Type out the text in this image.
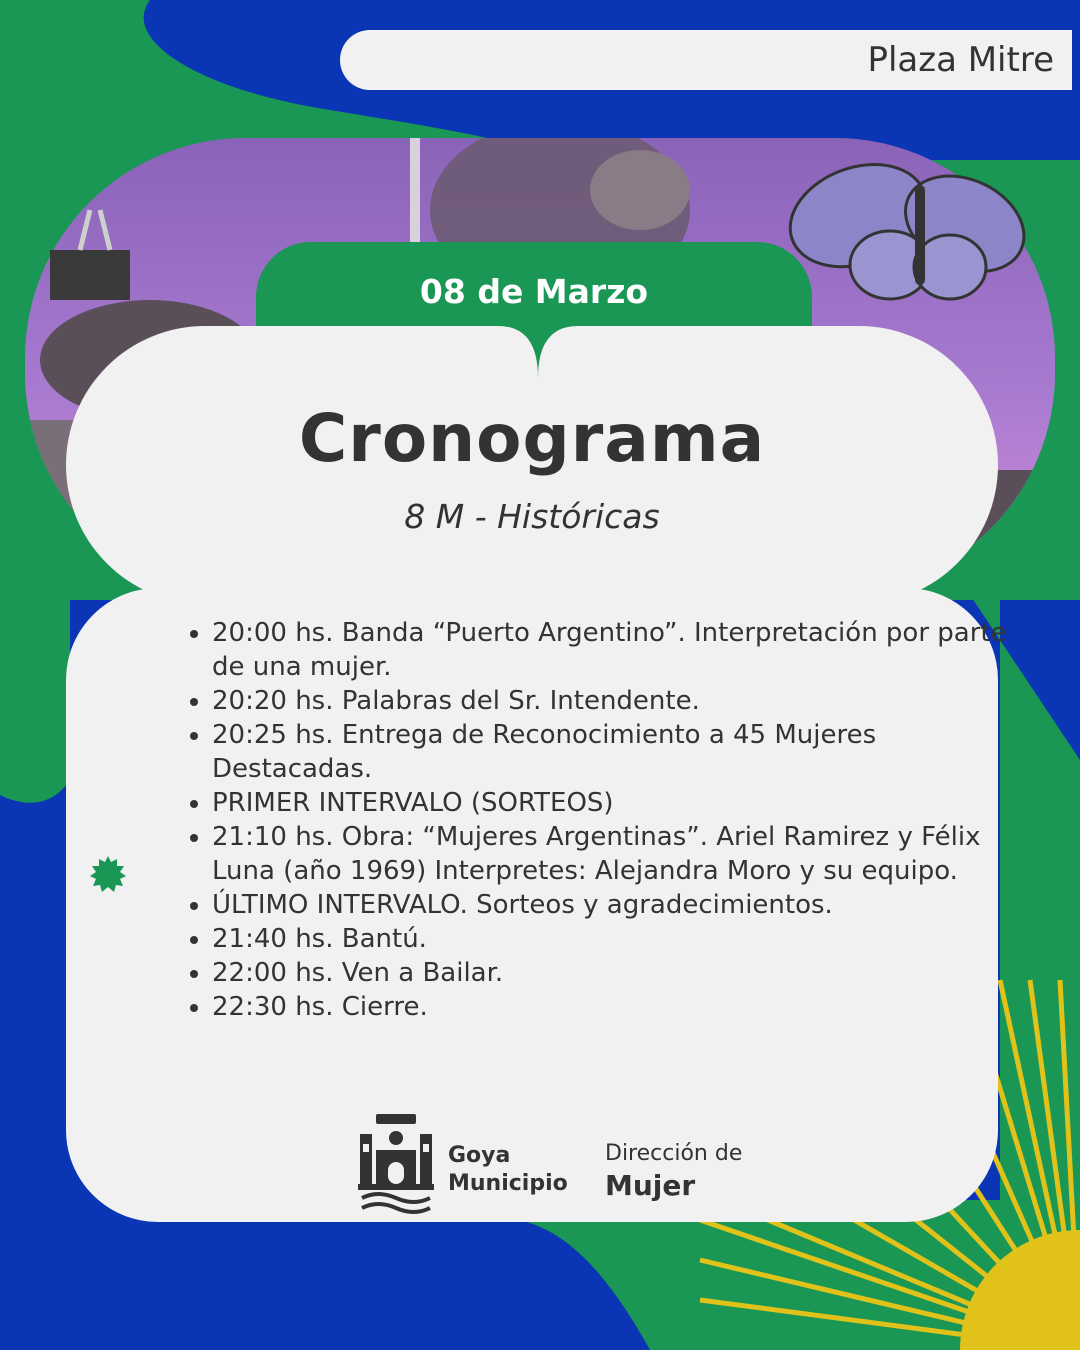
Plaza Mitre
08 de Marzo
Cronograma
8 M - Históricas
• 20:00 hs. Banda “Puerto Argentino”. Interpretación por parte de una mujer.
• 20:20 hs. Palabras del Sr. Intendente.
• 20:25 hs. Entrega de Reconocimiento a 45 Mujeres Destacadas.
• PRIMER INTERVALO (SORTEOS)
• 21:10 hs. Obra: “Mujeres Argentinas”. Ariel Ramirez y Félix Luna (año 1969) Interpretes: Alejandra Moro y su equipo.
• ÚLTIMO INTERVALO. Sorteos y agradecimientos.
• 21:40 hs. Bantú.
• 22:00 hs. Ven a Bailar.
• 22:30 hs. Cierre.
Goya
Municipio
Dirección de
Mujer
